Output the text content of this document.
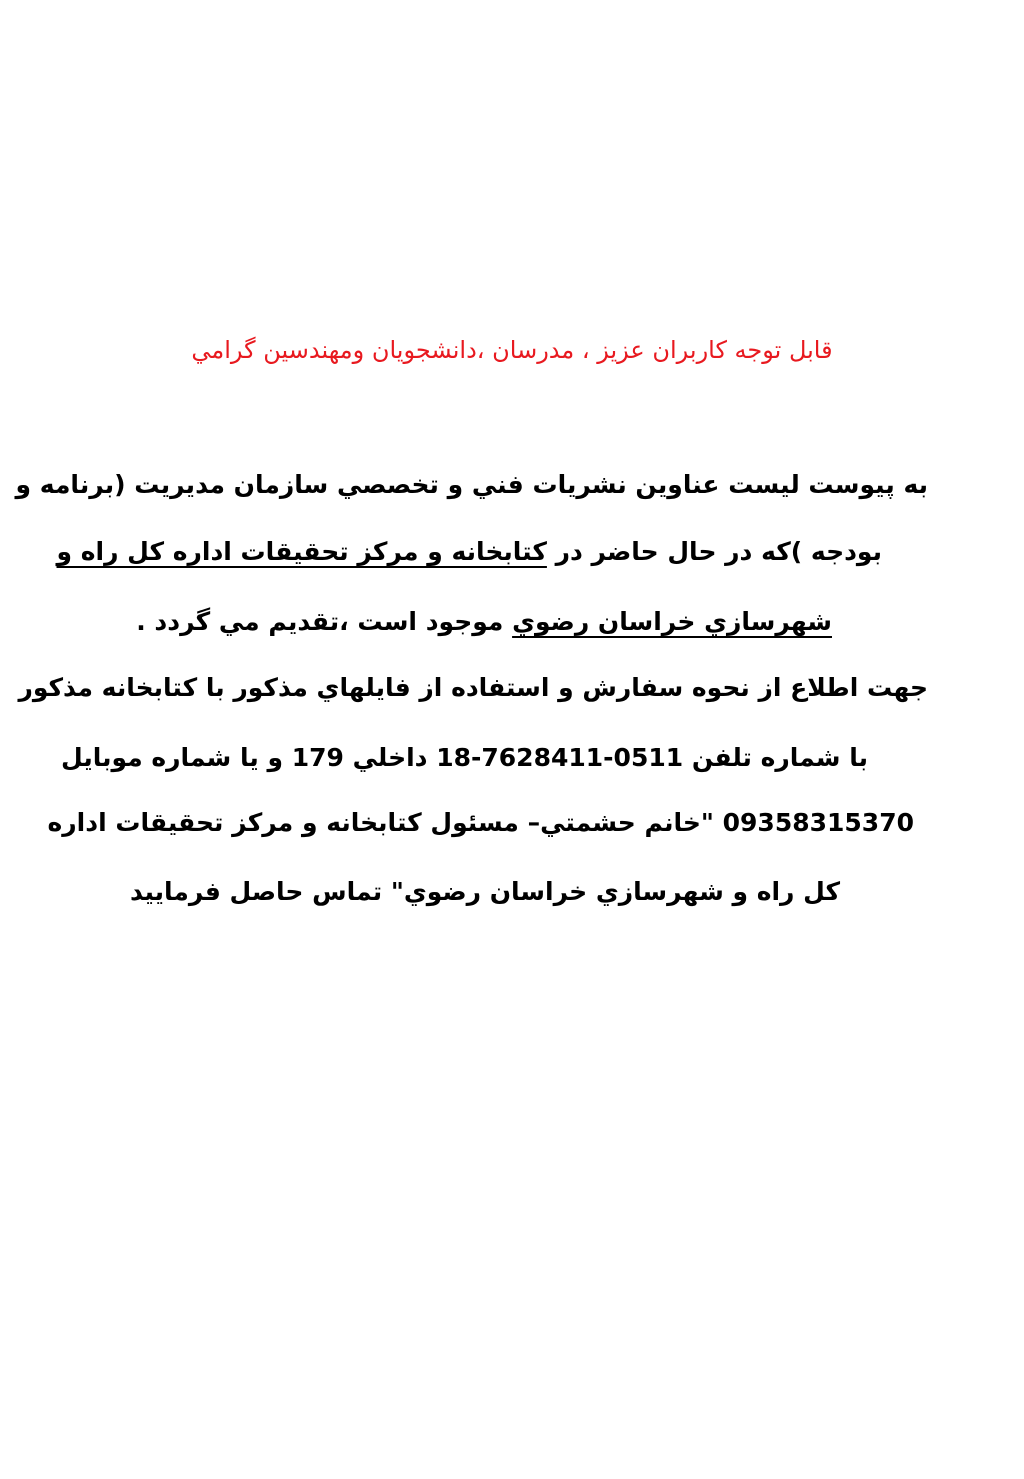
قابل توجه كاربران عزيز ، مدرسان ،دانشجويان ومهندسين گرامي
به پيوست ليست عناوين نشريات فني و تخصصي سازمان مديريت (برنامه و
بودجه )كه در حال حاضر در كتابخانه و مركز تحقيقات اداره كل راه و
شهرسازي خراسان رضوي موجود است ،تقديم مي گردد .
جهت اطلاع از نحوه سفارش و استفاده از فايلهاي مذكور با كتابخانه مذكور
با شماره تلفن 0511-7628411-18 داخلي 179 و يا شماره موبايل
09358315370 "خانم حشمتي– مسئول كتابخانه و مركز تحقيقات اداره
كل راه و شهرسازي خراسان رضوي" تماس حاصل فرماييد
